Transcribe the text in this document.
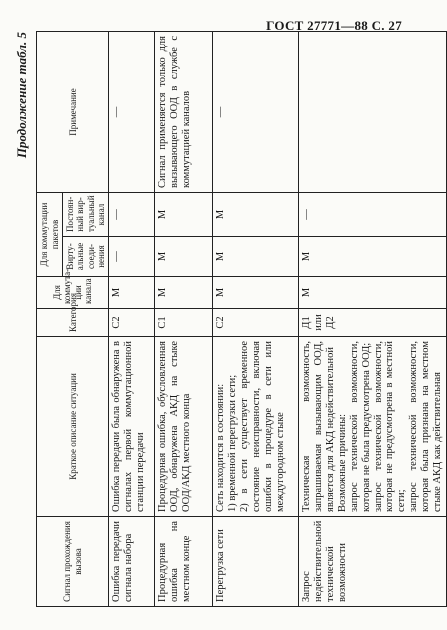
ГОСТ 27771—88 С. 27
Продолжение табл. 5
Сигнал прохождения вызова	Краткое описание ситуации	Категория	Для коммута-ции канала	Для коммутации пакетов		Примечание
				Вирту-альные соеди-нения	Постоян-ный вир-туальный канал	
Ошибка передачи сигнала набора	Ошибка передачи была обнаружена в сигналах первой коммутационной станции передачи	С2	М	—	—	—
Процедурная ошибка на местном конце	Процедурная ошибка, обусловленная ООД, обнаружена АКД на стыке ООД/АКД местного конца	С1	М	М	М	Сигнал применяется только для вызывающего ООД в службе с коммутацией каналов
Перегрузка сети	Сеть находится в состоянии: 1) временной перегрузки сети; 2) в сети существует временное состояние неисправности, включая ошибки в процедуре в сети или междугородном стыке	С2	М	М	М	—
Запрос недействительной технической возможности	Техническая возможность, запрашиваемая вызывающим ООД, является для АКД недействительной Возможные причины: запрос технической возможности, которая не была предусмотрена ООД; запрос технической возможности, которая не предусмотрена в местной сети; запрос технической возможности, которая была признана на местном стыке АКД как действительная	Д1 или Д2	М	М	—	
